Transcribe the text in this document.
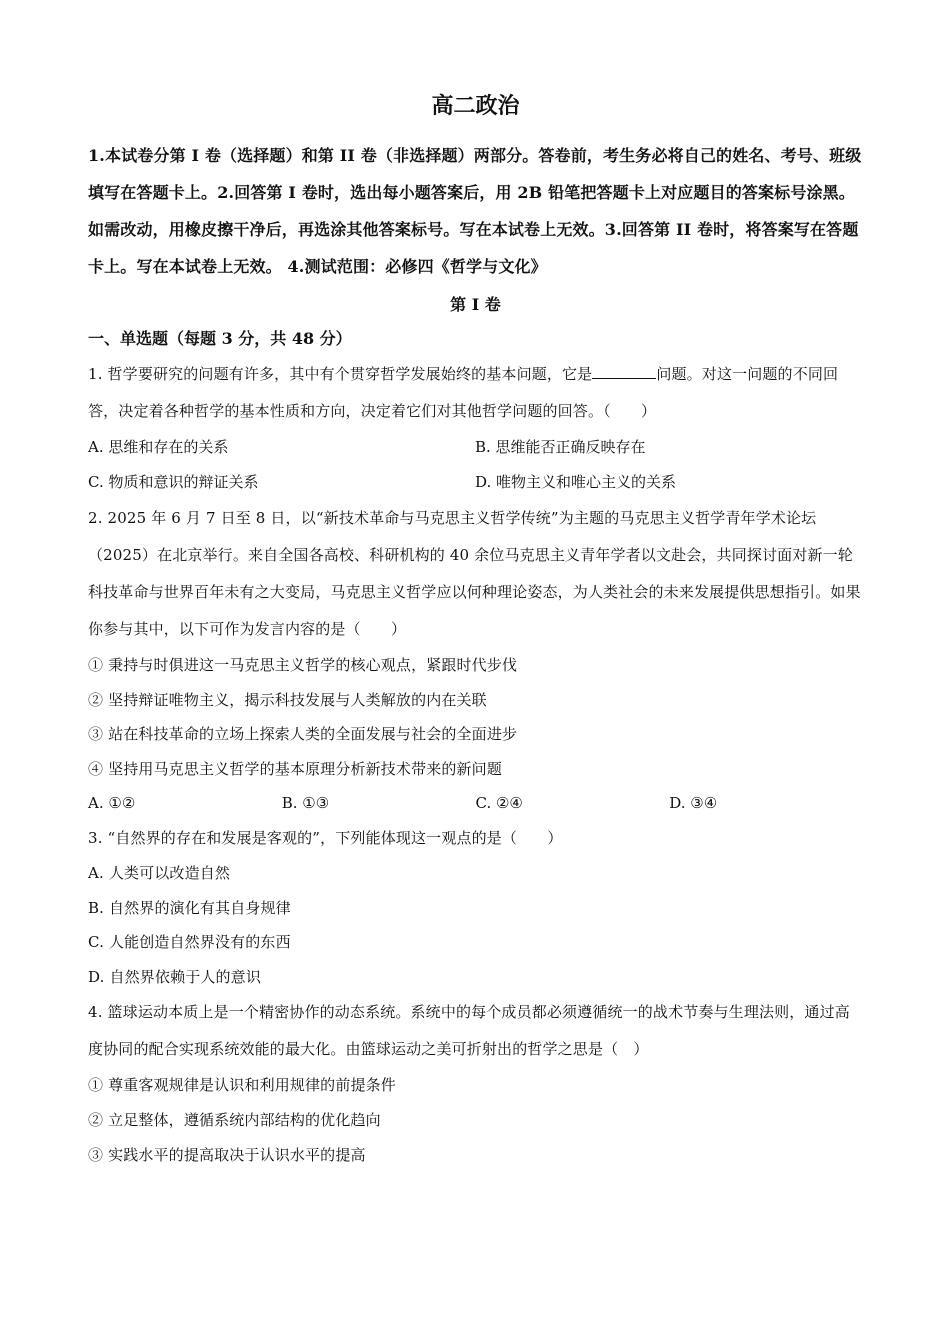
高二政治
1.本试卷分第 I 卷（选择题）和第 II 卷（非选择题）两部分。答卷前，考生务必将自己的姓名、考号、班级填写在答题卡上。2.回答第 I 卷时，选出每小题答案后，用 2B 铅笔把答题卡上对应题目的答案标号涂黑。如需改动，用橡皮擦干净后，再选涂其他答案标号。写在本试卷上无效。3.回答第 II 卷时，将答案写在答题卡上。写在本试卷上无效。 4.测试范围：必修四《哲学与文化》
第 I 卷
一、单选题（每题 3 分，共 48 分）
1. 哲学要研究的问题有许多，其中有个贯穿哲学发展始终的基本问题，它是	问题。对这一问题的不同回答，决定着各种哲学的基本性质和方向，决定着它们对其他哲学问题的回答。（　　）
A. 思维和存在的关系	B. 思维能否正确反映存在
C. 物质和意识的辩证关系	D. 唯物主义和唯心主义的关系
2. 2025 年 6 月 7 日至 8 日，以“新技术革命与马克思主义哲学传统”为主题的马克思主义哲学青年学术论坛（2025）在北京举行。来自全国各高校、科研机构的 40 余位马克思主义青年学者以文赴会，共同探讨面对新一轮科技革命与世界百年未有之大变局，马克思主义哲学应以何种理论姿态，为人类社会的未来发展提供思想指引。如果你参与其中，以下可作为发言内容的是（　　）
① 秉持与时俱进这一马克思主义哲学的核心观点，紧跟时代步伐
② 坚持辩证唯物主义，揭示科技发展与人类解放的内在关联
③ 站在科技革命的立场上探索人类的全面发展与社会的全面进步
④ 坚持用马克思主义哲学的基本原理分析新技术带来的新问题
A. ①②	B. ①③	C. ②④	D. ③④
3. “自然界的存在和发展是客观的”，下列能体现这一观点的是（　　）
A. 人类可以改造自然
B. 自然界的演化有其自身规律
C. 人能创造自然界没有的东西
D. 自然界依赖于人的意识
4. 篮球运动本质上是一个精密协作的动态系统。系统中的每个成员都必须遵循统一的战术节奏与生理法则，通过高度协同的配合实现系统效能的最大化。由篮球运动之美可折射出的哲学之思是（　）
① 尊重客观规律是认识和利用规律的前提条件
② 立足整体，遵循系统内部结构的优化趋向
③ 实践水平的提高取决于认识水平的提高
